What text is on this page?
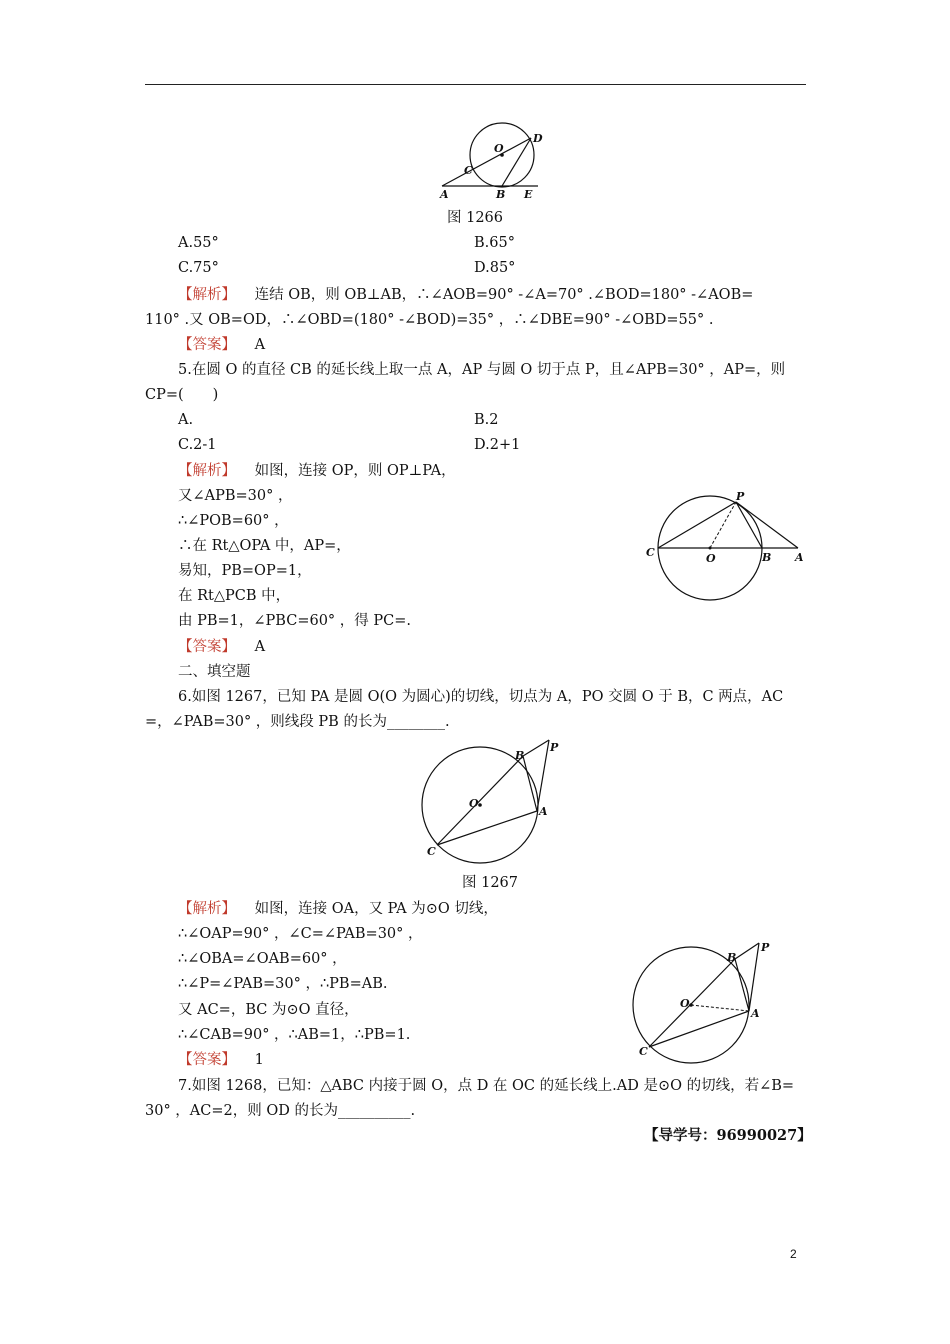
O
D
C
A	B E
图 1266
A.55°	B.65°
C.75°	D.85°
【解析】 连结 OB，则 OB⊥AB，∴∠AOB=90° -∠A=70° .∠BOD=180° -∠AOB=
110° .又 OB=OD，∴∠OBD=(180° -∠BOD)=35° ，∴∠DBE=90° -∠OBD=55° .
【答案】 A
5.在圆 O 的直径 CB 的延长线上取一点 A，AP 与圆 O 切于点 P，且∠APB=30° ，AP=，则
CP=(　　)
A.	B.2
C.2-1	D.2+1
【解析】 如图，连接 OP，则 OP⊥PA，
又∠APB=30° ，
∴∠POB=60° ，
∴在 Rt△OPA 中，AP=，
易知，PB=OP=1，
在 Rt△PCB 中，
由 PB=1，∠PBC=60° ，得 PC=.
【答案】 A
P
C	O	B A
二、填空题
6.如图 1267，已知 PA 是圆 O(O 为圆心)的切线，切点为 A，PO 交圆 O 于 B，C 两点，AC
=，∠PAB=30° ，则线段 PB 的长为________.
B
P
O
A
C
图 1267
【解析】 如图，连接 OA，又 PA 为⊙O 切线，
∴∠OAP=90° ，∠C=∠PAB=30° ，
∴∠OBA=∠OAB=60° ，
∴∠P=∠PAB=30° ，∴PB=AB.
又 AC=，BC 为⊙O 直径，
∴∠CAB=90° ，∴AB=1，∴PB=1.
【答案】 1
B
P
O
A
C
7.如图 1268，已知：△ABC 内接于圆 O，点 D 在 OC 的延长线上.AD 是⊙O 的切线，若∠B=
30° ，AC=2，则 OD 的长为__________.
【导学号：96990027】
2
